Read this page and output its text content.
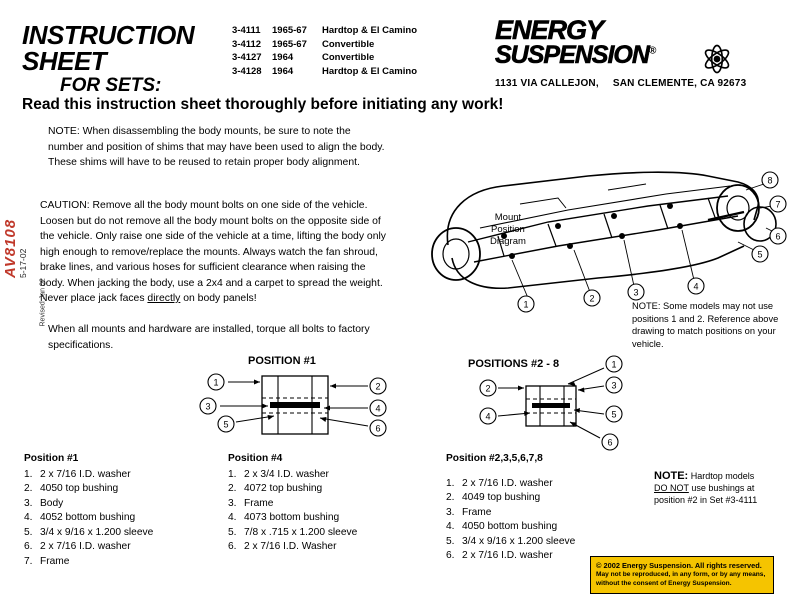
INSTRUCTION SHEET
FOR SETS:
3-4111	1965-67	Hardtop & El Camino
3-4112	1965-67	Convertible
3-4127	1964	Convertible
3-4128	1964	Hardtop & El Camino
ENERGY
SUSPENSION®
1131 VIA CALLEJON, SAN CLEMENTE, CA 92673
Read this instruction sheet thoroughly before initiating any work!
NOTE: When disassembling the body mounts, be sure to note the number and position of shims that may have been used to align the body. These shims will have to be reused to retain proper body alignment.
CAUTION: Remove all the body mount bolts on one side of the vehicle. Loosen but do not remove all the body mount bolts on the opposite side of the vehicle. Only raise one side of the vehicle at a time, lifting the body only high enough to remove/replace the mounts. Always watch the fan shroud, brake lines, and various hoses for sufficient clearance when raising the body. When jacking the body, use a 2x4 and a carpet to spread the weight. Never place jack faces directly on body panels!
When all mounts and hardware are installed, torque all bolts to factory specifications.
Revised Jan 02
AV8108 5-17-02
1
2
3
4
8
7
6
5
Mount
Position
Diagram
NOTE: Some models may not use positions 1 and 2. Reference above drawing to match positions on your vehicle.
POSITION #1
1
3
5
2
4
6
POSITIONS #2 - 8
2
4
1
3
5
6
Position #1
1. 2 x 7/16 I.D. washer
2. 4050 top bushing
3. Body
4. 4052 bottom bushing
5. 3/4 x 9/16 x 1.200 sleeve
6. 2 x 7/16 I.D. washer
7. Frame
Position #4
1. 2 x 3/4 I.D. washer
2. 4072 top bushing
3. Frame
4. 4073 bottom bushing
5. 7/8 x .715 x 1.200 sleeve
6. 2 x 7/16 I.D. Washer
Position #2,3,5,6,7,8
1. 2 x 7/16 I.D. washer
2. 4049 top bushing
3. Frame
4. 4050 bottom bushing
5. 3/4 x 9/16 x 1.200 sleeve
6. 2 x 7/16 I.D. washer
NOTE: Hardtop models
DO NOT use bushings at position #2 in Set #3-4111
© 2002 Energy Suspension. All rights reserved.
May not be reproduced, in any form, or by any means,
without the consent of Energy Suspension.
